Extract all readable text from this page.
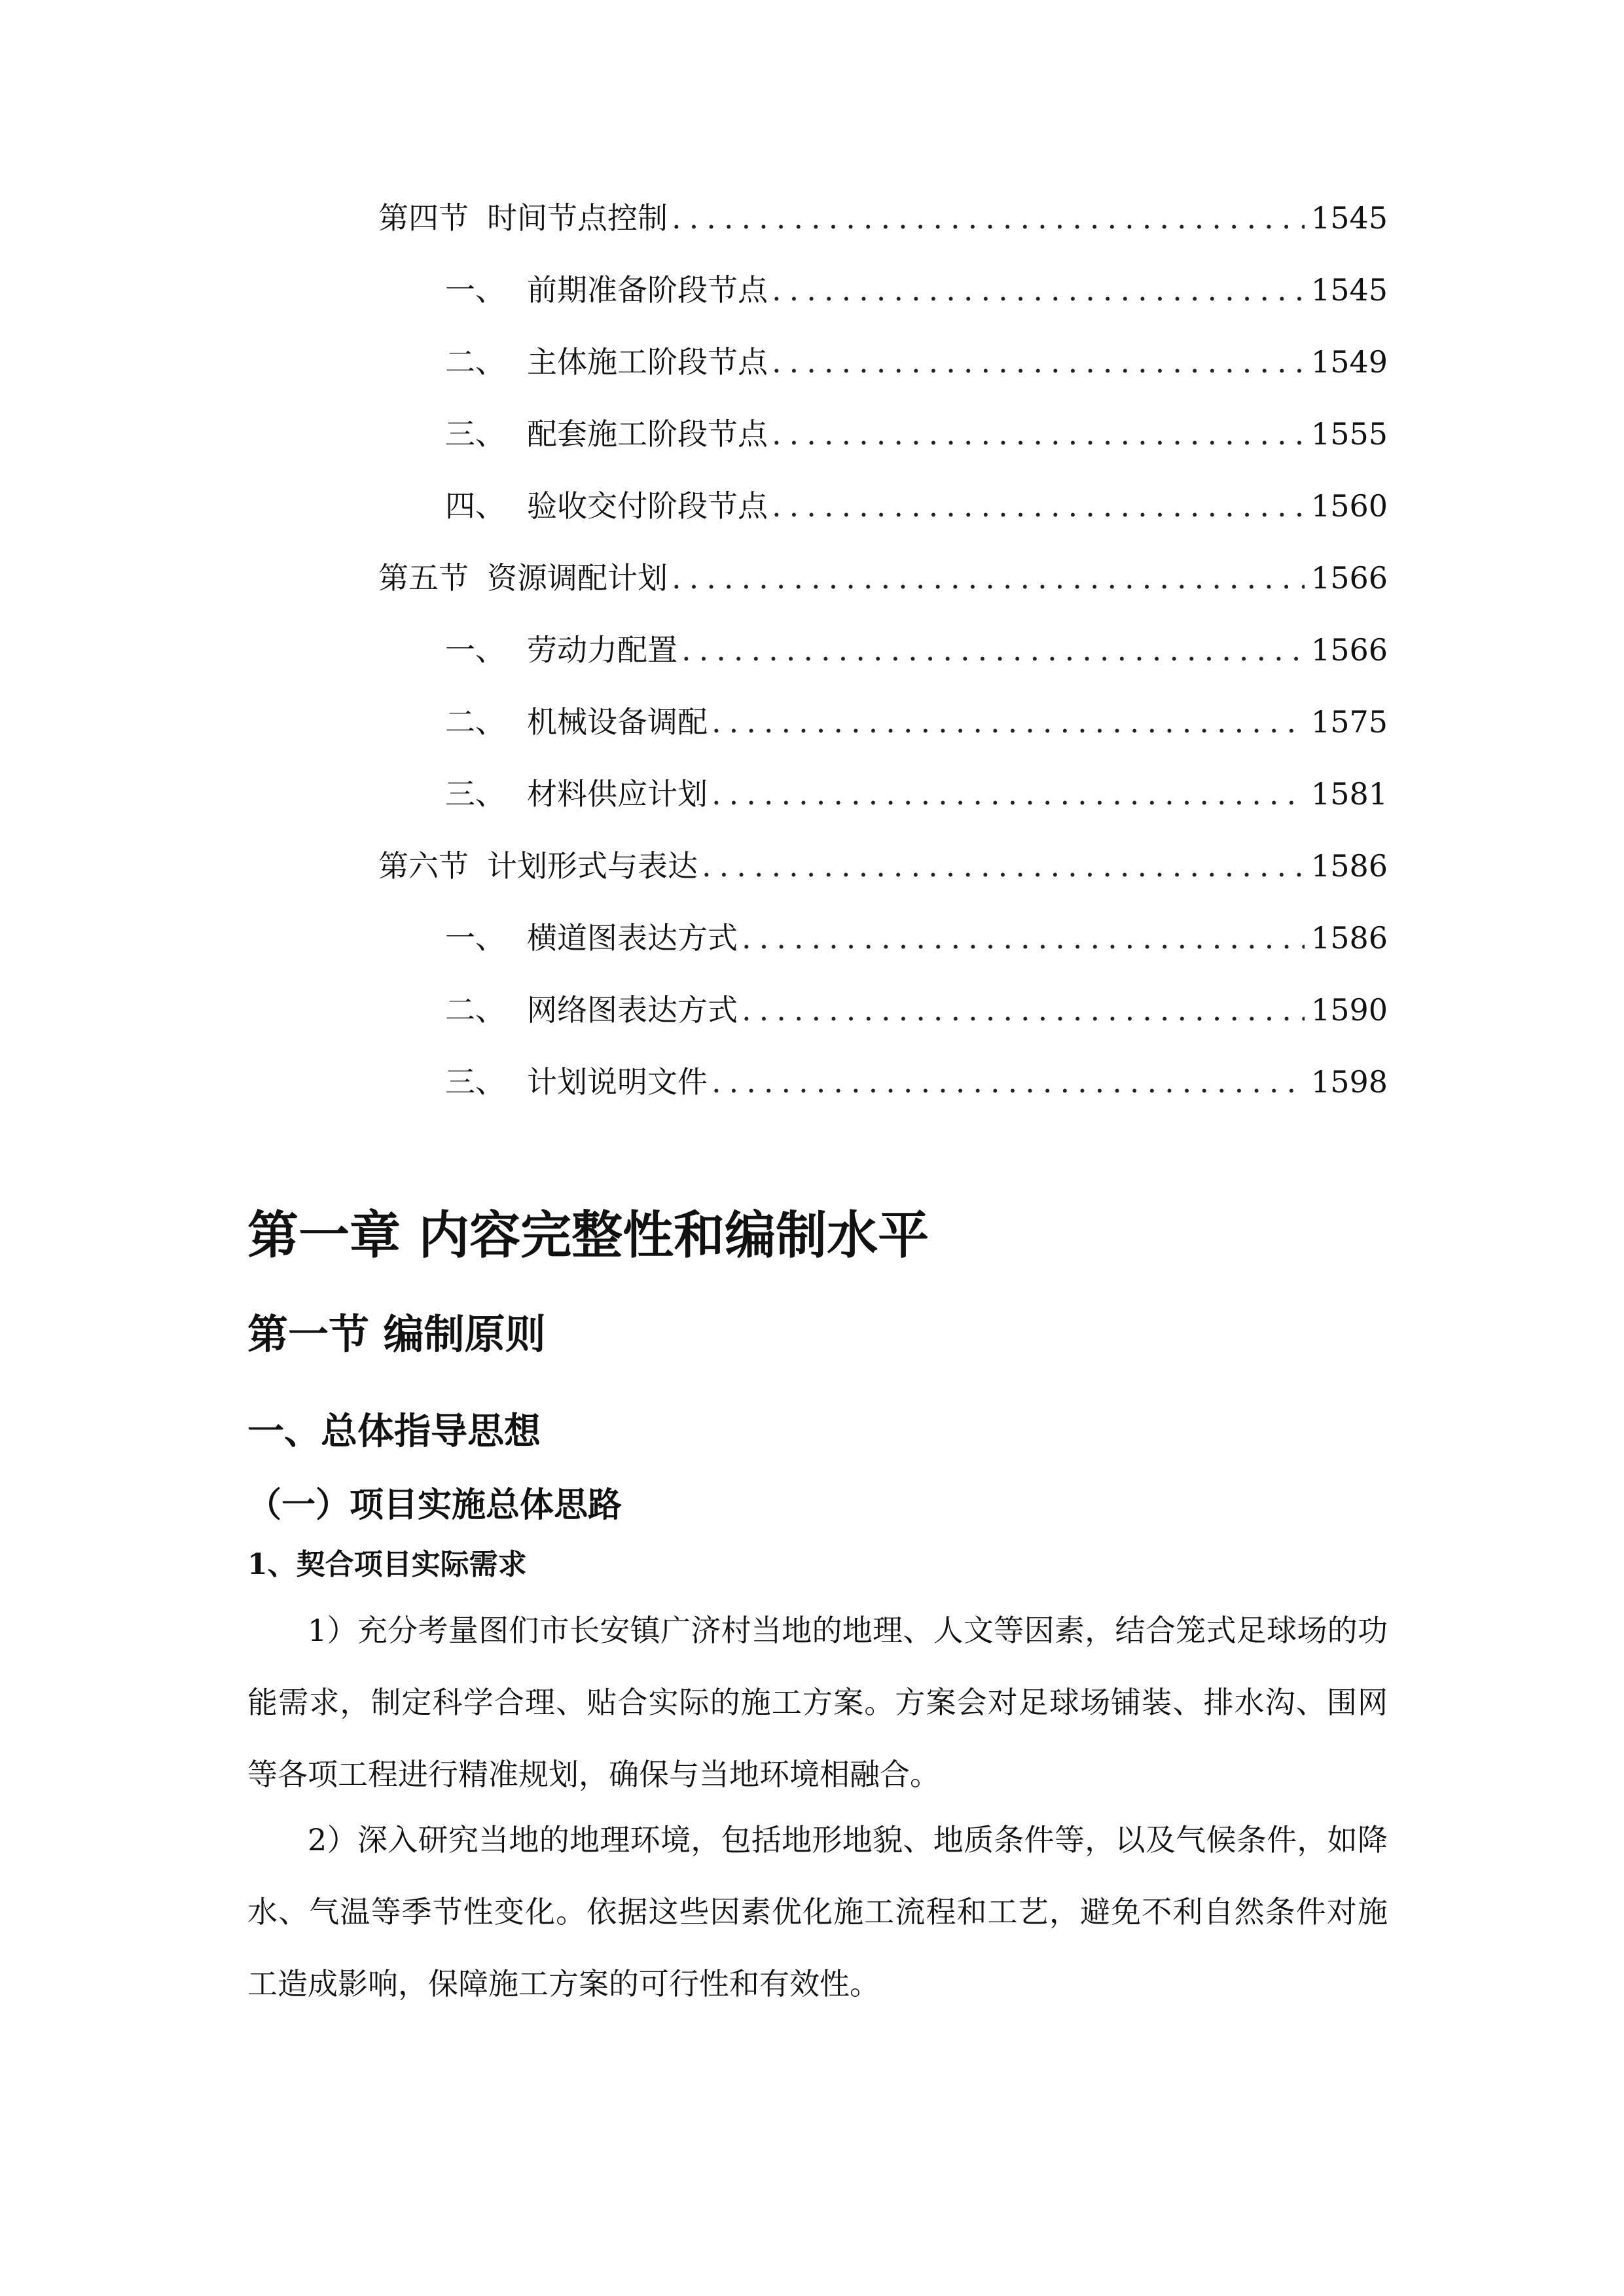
第四节 时间节点控制 .....	1545
一、 前期准备阶段节点 .....	1545
二、 主体施工阶段节点 .....	1549
三、 配套施工阶段节点 .....	1555
四、 验收交付阶段节点 .....	1560
第五节 资源调配计划 .....	1566
一、 劳动力配置 .....	1566
二、 机械设备调配 .....	1575
三、 材料供应计划 .....	1581
第六节 计划形式与表达 .....	1586
一、 横道图表达方式 .....	1586
二、 网络图表达方式 .....	1590
三、 计划说明文件 .....	1598
第一章 内容完整性和编制水平
第一节 编制原则
一、总体指导思想
（一）项目实施总体思路
1、契合项目实际需求

1）充分考量图们市长安镇广济村当地的地理、人文等因素，结合笼式足球场的功能需求，制定科学合理、贴合实际的施工方案。方案会对足球场铺装、排水沟、围网等各项工程进行精准规划，确保与当地环境相融合。

2）深入研究当地的地理环境，包括地形地貌、地质条件等，以及气候条件，如降水、气温等季节性变化。依据这些因素优化施工流程和工艺，避免不利自然条件对施工造成影响，保障施工方案的可行性和有效性。
